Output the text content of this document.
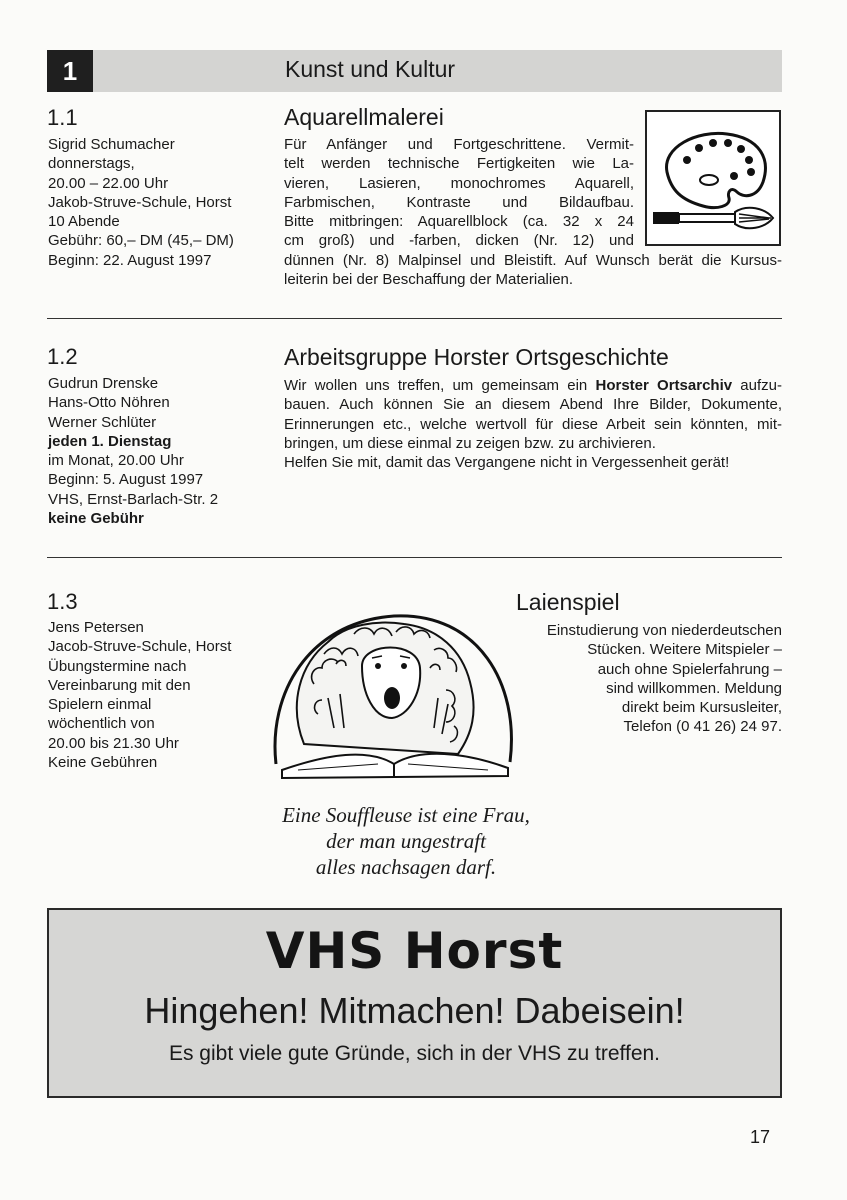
1	Kunst und Kultur
1.1
Sigrid Schumacher
donnerstags,
20.00 – 22.00 Uhr
Jakob-Struve-Schule, Horst
10 Abende
Gebühr: 60,– DM (45,– DM)
Beginn: 22. August 1997
Aquarellmalerei
Für Anfänger und Fortgeschrittene. Vermit-
telt werden technische Fertigkeiten wie La-
vieren, Lasieren, monochromes Aquarell,
Farbmischen, Kontraste und Bildaufbau.
Bitte mitbringen: Aquarellblock (ca. 32 x 24
cm groß) und -farben, dicken (Nr. 12) und
dünnen (Nr. 8) Malpinsel und Bleistift. Auf Wunsch berät die Kursus-
leiterin bei der Beschaffung der Materialien.
1.2
Gudrun Drenske
Hans-Otto Nöhren
Werner Schlüter
jeden 1. Dienstag
im Monat, 20.00 Uhr
Beginn: 5. August 1997
VHS, Ernst-Barlach-Str. 2
keine Gebühr
Arbeitsgruppe Horster Ortsgeschichte
Wir wollen uns treffen, um gemeinsam ein Horster Ortsarchiv aufzu-
bauen. Auch können Sie an diesem Abend Ihre Bilder, Dokumente,
Erinnerungen etc., welche wertvoll für diese Arbeit sein könnten, mit-
bringen, um diese einmal zu zeigen bzw. zu archivieren.
Helfen Sie mit, damit das Vergangene nicht in Vergessenheit gerät!
1.3
Jens Petersen
Jacob-Struve-Schule, Horst
Übungstermine nach
Vereinbarung mit den
Spielern einmal
wöchentlich von
20.00 bis 21.30 Uhr
Keine Gebühren
Laienspiel
Einstudierung von niederdeutschen
Stücken. Weitere Mitspieler –
auch ohne Spielerfahrung –
sind willkommen. Meldung
direkt beim Kursusleiter,
Telefon (0 41 26) 24 97.
Eine Souffleuse ist eine Frau,
der man ungestraft
alles nachsagen darf.
VHS Horst
Hingehen! Mitmachen! Dabeisein!
Es gibt viele gute Gründe, sich in der VHS zu treffen.
17
